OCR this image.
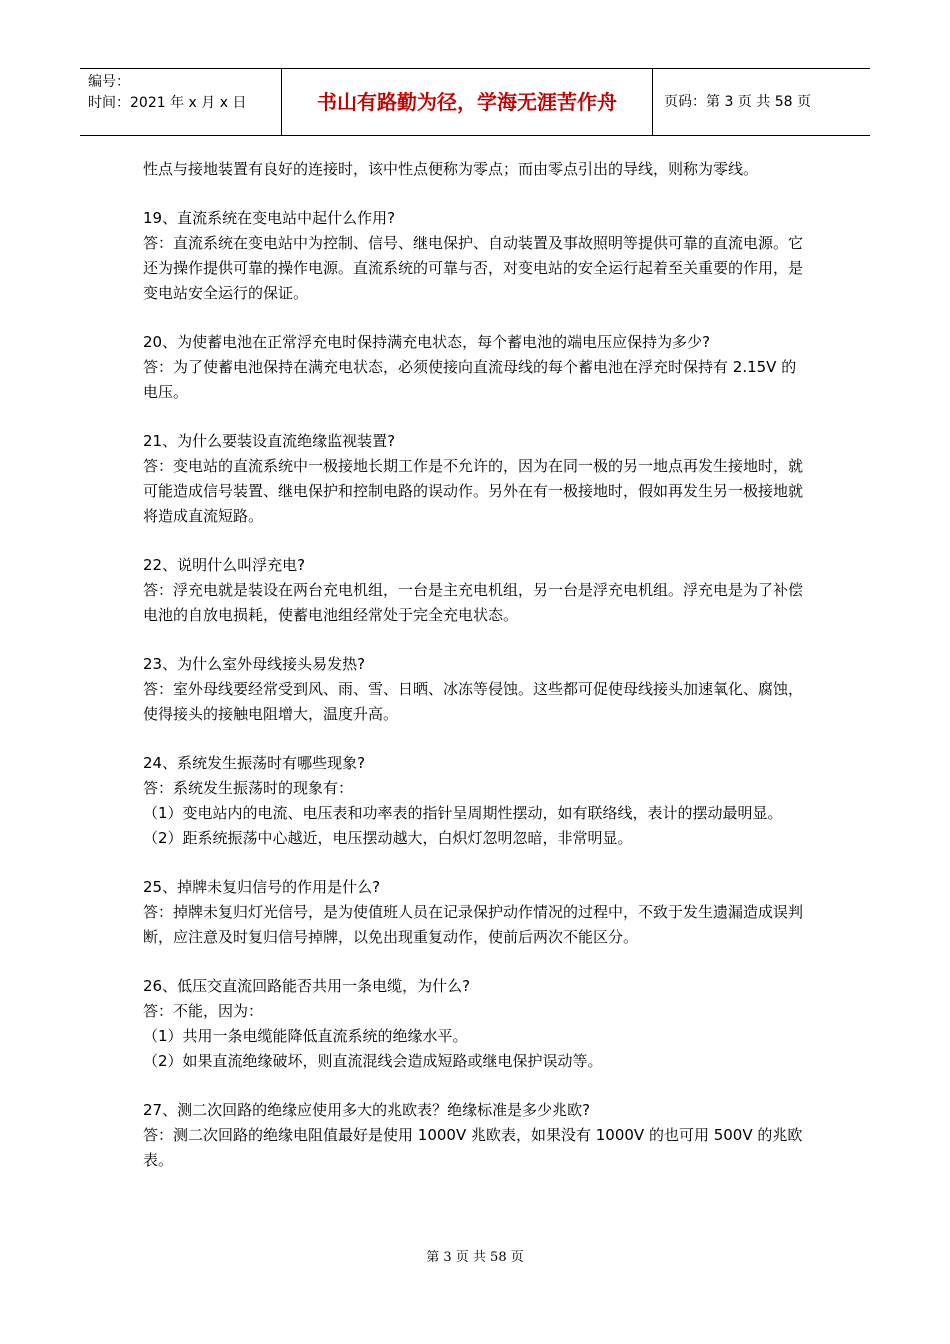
编号：
时间：2021 年 x 月 x 日	书山有路勤为径，学海无涯苦作舟	页码：第 3 页 共 58 页

性点与接地装置有良好的连接时，该中性点便称为零点；而由零点引出的导线，则称为零线。

19、直流系统在变电站中起什么作用?

答：直流系统在变电站中为控制、信号、继电保护、自动装置及事故照明等提供可靠的直流电源。它还为操作提供可靠的操作电源。直流系统的可靠与否，对变电站的安全运行起着至关重要的作用，是变电站安全运行的保证。

20、为使蓄电池在正常浮充电时保持满充电状态，每个蓄电池的端电压应保持为多少?

答：为了使蓄电池保持在满充电状态，必须使接向直流母线的每个蓄电池在浮充时保持有 2.15V 的电压。

21、为什么要装设直流绝缘监视装置?

答：变电站的直流系统中一极接地长期工作是不允许的，因为在同一极的另一地点再发生接地时，就可能造成信号装置、继电保护和控制电路的误动作。另外在有一极接地时，假如再发生另一极接地就将造成直流短路。

22、说明什么叫浮充电?

答：浮充电就是装设在两台充电机组，一台是主充电机组，另一台是浮充电机组。浮充电是为了补偿电池的自放电损耗，使蓄电池组经常处于完全充电状态。

23、为什么室外母线接头易发热?

答：室外母线要经常受到风、雨、雪、日晒、冰冻等侵蚀。这些都可促使母线接头加速氧化、腐蚀，使得接头的接触电阻增大，温度升高。

24、系统发生振荡时有哪些现象?

答：系统发生振荡时的现象有：

（1）变电站内的电流、电压表和功率表的指针呈周期性摆动，如有联络线，表计的摆动最明显。

（2）距系统振荡中心越近，电压摆动越大，白炽灯忽明忽暗，非常明显。

25、掉牌未复归信号的作用是什么?

答：掉牌未复归灯光信号，是为使值班人员在记录保护动作情况的过程中，不致于发生遗漏造成误判断，应注意及时复归信号掉牌，以免出现重复动作，使前后两次不能区分。

26、低压交直流回路能否共用一条电缆，为什么?

答：不能，因为：

（1）共用一条电缆能降低直流系统的绝缘水平。

（2）如果直流绝缘破坏，则直流混线会造成短路或继电保护误动等。

27、测二次回路的绝缘应使用多大的兆欧表？绝缘标准是多少兆欧?

答：测二次回路的绝缘电阻值最好是使用 1000V 兆欧表，如果没有 1000V 的也可用 500V 的兆欧表。

第 3 页 共 58 页
